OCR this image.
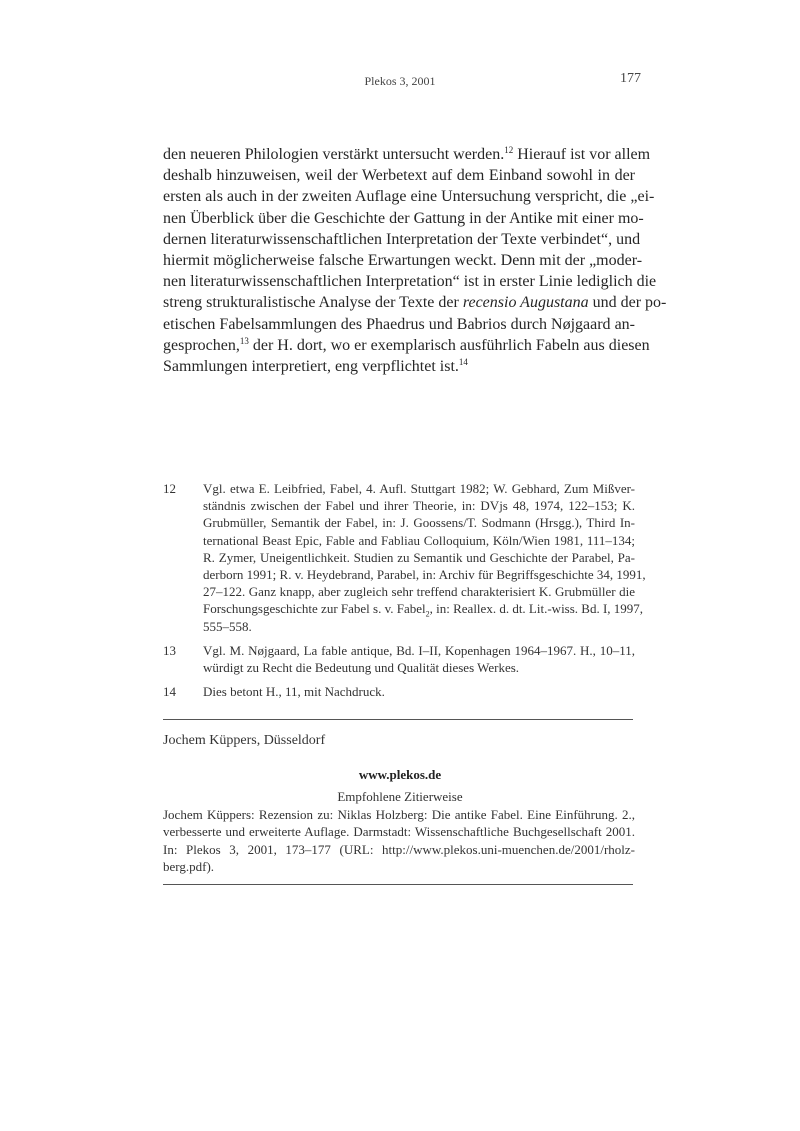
Plekos 3, 2001	177
den neueren Philologien verstärkt untersucht werden.$^{12}$ Hierauf ist vor allem
deshalb hinzuweisen, weil der Werbetext auf dem Einband sowohl in der
ersten als auch in der zweiten Auflage eine Untersuchung verspricht, die „ei-
nen Überblick über die Geschichte der Gattung in der Antike mit einer mo-
dernen literaturwissenschaftlichen Interpretation der Texte verbindet“, und
hiermit möglicherweise falsche Erwartungen weckt. Denn mit der „moder-
nen literaturwissenschaftlichen Interpretation“ ist in erster Linie lediglich die
streng strukturalistische Analyse der Texte der recensio Augustana und der po-
etischen Fabelsammlungen des Phaedrus und Babrios durch Nøjgaard an-
gesprochen,$^{13}$ der H. dort, wo er exemplarisch ausführlich Fabeln aus diesen
Sammlungen interpretiert, eng verpflichtet ist.$^{14}$
12	Vgl. etwa E. Leibfried, Fabel, 4. Aufl. Stuttgart 1982; W. Gebhard, Zum Mißver-
ständnis zwischen der Fabel und ihrer Theorie, in: DVjs 48, 1974, 122–153; K.
Grubmüller, Semantik der Fabel, in: J. Goossens/T. Sodmann (Hrsgg.), Third In-
ternational Beast Epic, Fable and Fabliau Colloquium, Köln/Wien 1981, 111–134;
R. Zymer, Uneigentlichkeit. Studien zu Semantik und Geschichte der Parabel, Pa-
derborn 1991; R. v. Heydebrand, Parabel, in: Archiv für Begriffsgeschichte 34, 1991,
27–122. Ganz knapp, aber zugleich sehr treffend charakterisiert K. Grubmüller die
Forschungsgeschichte zur Fabel s. v. Fabel$_2$, in: Reallex. d. dt. Lit.-wiss. Bd. I, 1997,
555–558.
13	Vgl. M. Nøjgaard, La fable antique, Bd. I–II, Kopenhagen 1964–1967. H., 10–11,
würdigt zu Recht die Bedeutung und Qualität dieses Werkes.
14	Dies betont H., 11, mit Nachdruck.
Jochem Küppers, Düsseldorf
www.plekos.de
Empfohlene Zitierweise
Jochem Küppers: Rezension zu: Niklas Holzberg: Die antike Fabel. Eine Einführung. 2.,
verbesserte und erweiterte Auflage. Darmstadt: Wissenschaftliche Buchgesellschaft 2001.
In: Plekos 3, 2001, 173–177 (URL: http://www.plekos.uni-muenchen.de/2001/rholz-
berg.pdf).
